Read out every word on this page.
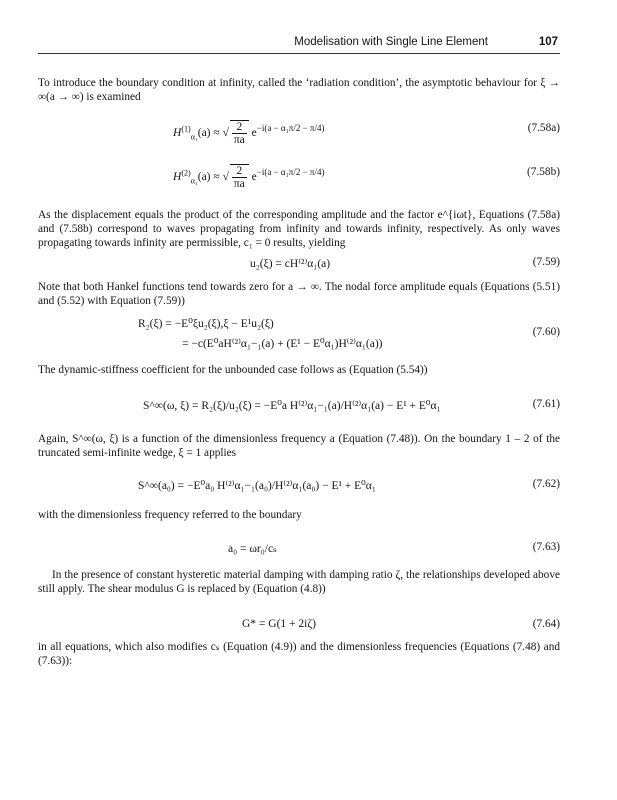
Modelisation with Single Line Element	107
To introduce the boundary condition at infinity, called the ‘radiation condition’, the asymptotic behaviour for ξ → ∞(a → ∞) is examined
$H^{(1)}_{\alpha_1}(a)$ ≈ √ $\frac{2}{\pi a} e-i(a - \alpha_1\pi/2 - \pi/4)$	(7.58a)
$H^{(2)}_{\alpha_1}(a)$ ≈ √ $\frac{2}{\pi a} e-i(a - \alpha_1\pi/2 - \pi/4)$	(7.58b)
As the displacement equals the product of the corresponding amplitude and the factor e^{iωt}, Equations (7.58a) and (7.58b) correspond to waves propagating from infinity and towards infinity, respectively. As only waves propagating towards infinity are permissible, c₁ = 0 results, yielding
u₂(ξ) = cH⁽²⁾α₁(a)	(7.59)
Note that both Hankel functions tend towards zero for a → ∞. The nodal force amplitude equals (Equations (5.51) and (5.52) with Equation (7.59))
R₂(ξ) = −E⁰ξu₂(ξ),ξ − E¹u₂(ξ)
= −c(E⁰aH⁽²⁾α₁−₁(a) + (E¹ − E⁰α₁)H⁽²⁾α₁(a))
(7.60)
The dynamic-stiffness coefficient for the unbounded case follows as (Equation (5.54))
S^∞(ω, ξ) = R₂(ξ)/u₂(ξ) = −E⁰a H⁽²⁾α₁−₁(a)/H⁽²⁾α₁(a) − E¹ + E⁰α₁	(7.61)
Again, S^∞(ω, ξ) is a function of the dimensionless frequency a (Equation (7.48)). On the boundary 1 – 2 of the truncated semi-infinite wedge, ξ = 1 applies
S^∞(a₀) = −E⁰a₀ H⁽²⁾α₁−₁(a₀)/H⁽²⁾α₁(a₀) − E¹ + E⁰α₁	(7.62)
with the dimensionless frequency referred to the boundary
a₀ = ωr₀/cₛ	(7.63)
In the presence of constant hysteretic material damping with damping ratio ζ, the relationships developed above still apply. The shear modulus G is replaced by (Equation (4.8))
G* = G(1 + 2iζ)	(7.64)
in all equations, which also modifies cₛ (Equation (4.9)) and the dimensionless frequencies (Equations (7.48) and (7.63)):
